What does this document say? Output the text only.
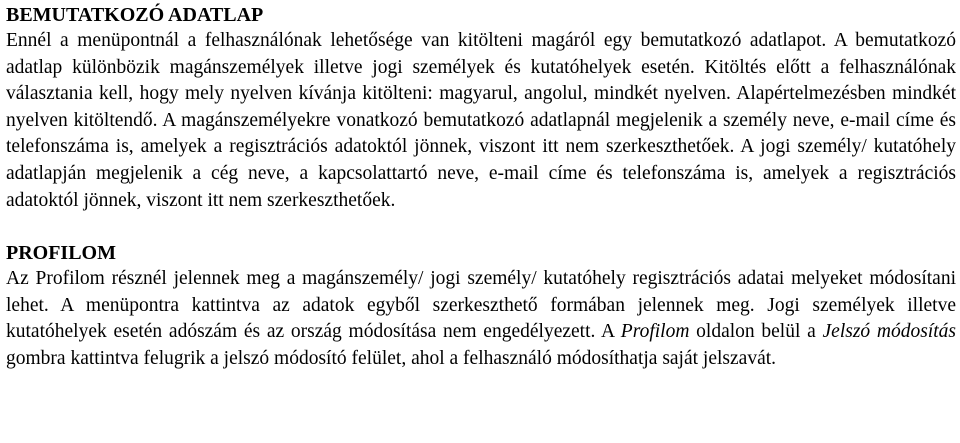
BEMUTATKOZÓ ADATLAP

Ennél a menüpontnál a felhasználónak lehetősége van kitölteni magáról egy bemutatkozó adatlapot. A bemutatkozó adatlap különbözik magánszemélyek illetve jogi személyek és kutatóhelyek esetén. Kitöltés előtt a felhasználónak választania kell, hogy mely nyelven kívánja kitölteni: magyarul, angolul, mindkét nyelven. Alapértelmezésben mindkét nyelven kitöltendő. A magánszemélyekre vonatkozó bemutatkozó adatlapnál megjelenik a személy neve, e-mail címe és telefonszáma is, amelyek a regisztrációs adatoktól jönnek, viszont itt nem szerkeszthetőek. A jogi személy/ kutatóhely adatlapján megjelenik a cég neve, a kapcsolattartó neve, e-mail címe és telefonszáma is, amelyek a regisztrációs adatoktól jönnek, viszont itt nem szerkeszthetőek.

PROFILOM

Az Profilom résznél jelennek meg a magánszemély/ jogi személy/ kutatóhely regisztrációs adatai melyeket módosítani lehet. A menüpontra kattintva az adatok egyből szerkeszthető formában jelennek meg. Jogi személyek illetve kutatóhelyek esetén adószám és az ország módosítása nem engedélyezett. A Profilom oldalon belül a Jelszó módosítás gombra kattintva felugrik a jelszó módosító felület, ahol a felhasználó módosíthatja saját jelszavát.
